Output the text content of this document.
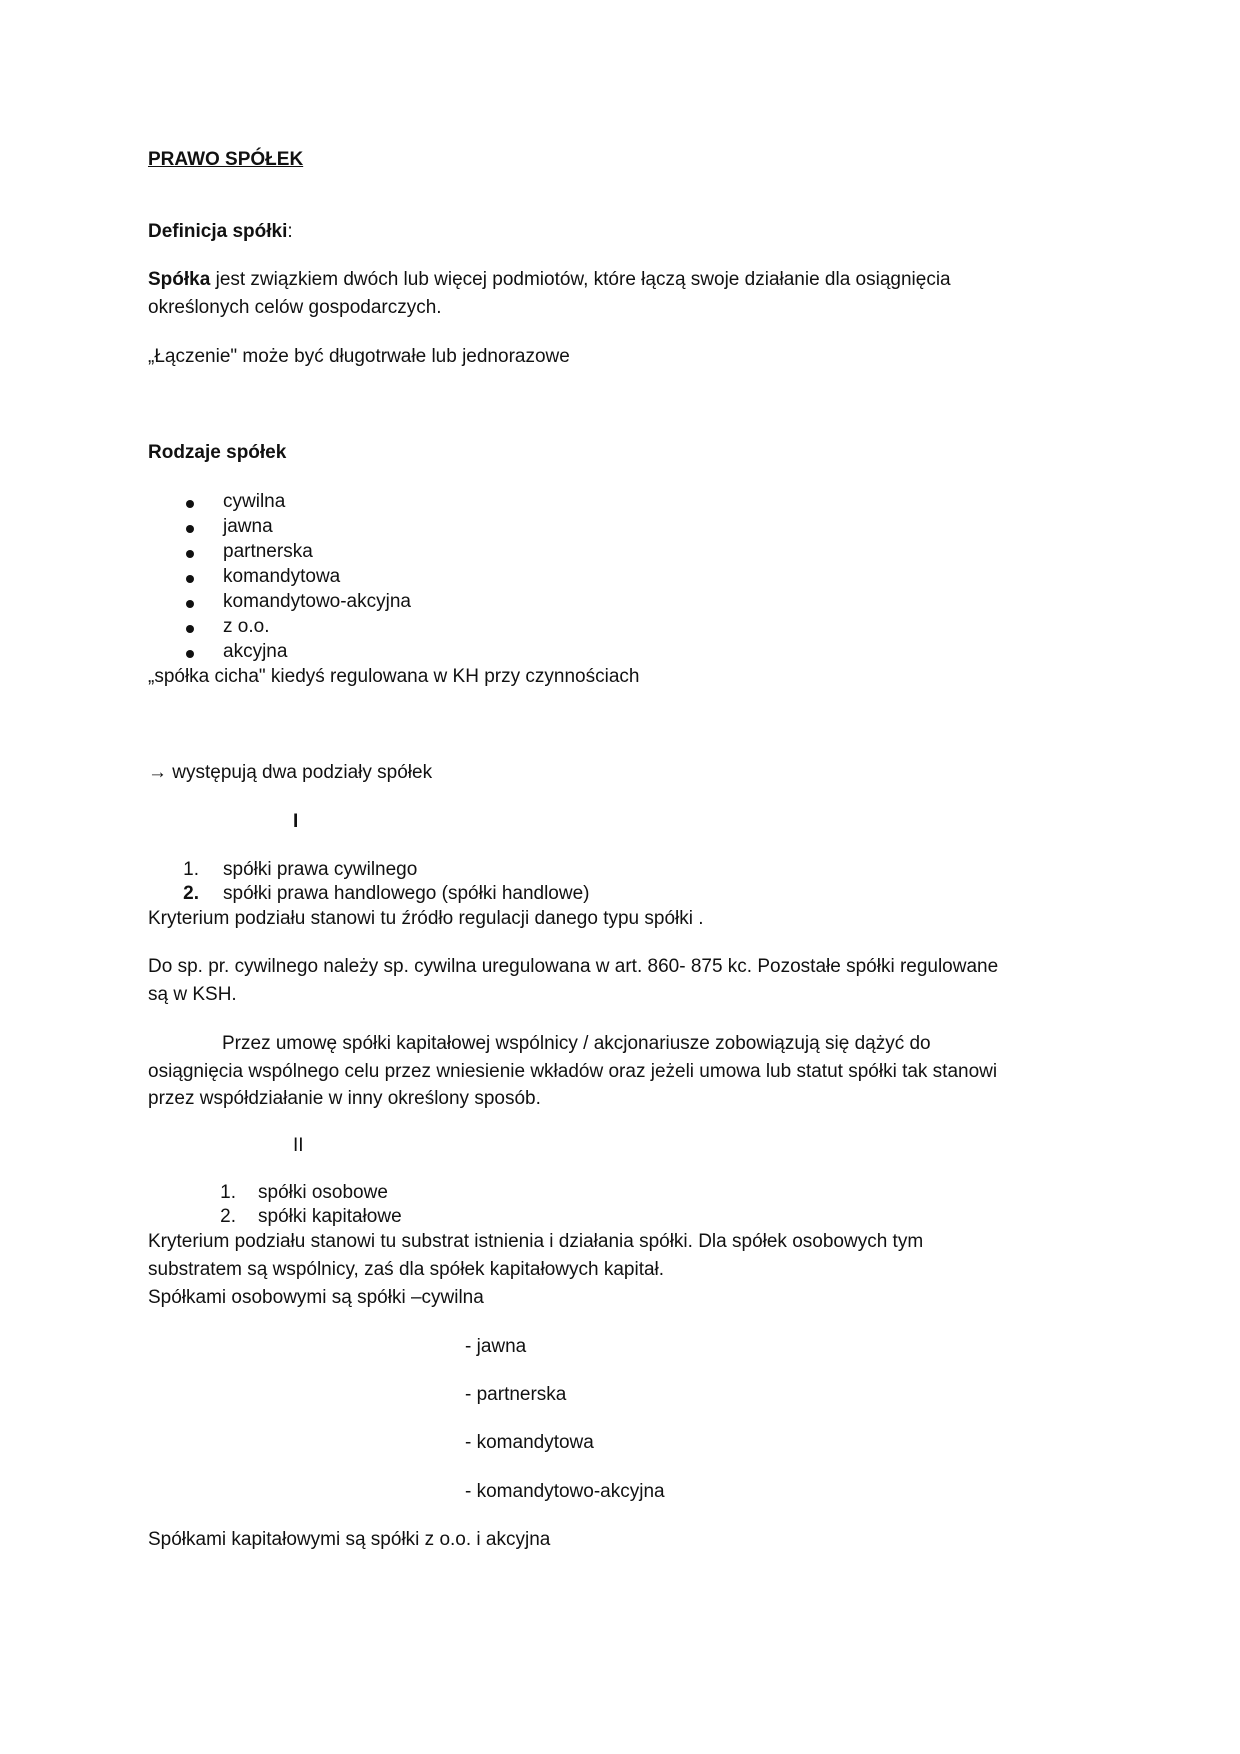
PRAWO SPÓŁEK
Definicja spółki:
Spółka jest związkiem dwóch lub więcej podmiotów, które łączą swoje działanie dla osiągnięcia
określonych celów gospodarczych.
„Łączenie" może być długotrwałe lub jednorazowe
Rodzaje spółek
cywilna
jawna
partnerska
komandytowa
komandytowo-akcyjna
z o.o.
akcyjna
„spółka cicha" kiedyś regulowana w KH przy czynnościach
→ występują dwa podziały spółek
I
1. spółki prawa cywilnego
2. spółki prawa handlowego (spółki handlowe)
Kryterium podziału stanowi tu źródło regulacji danego typu spółki .
Do sp. pr. cywilnego należy sp. cywilna uregulowana w art. 860- 875 kc. Pozostałe spółki regulowane
są w KSH.
Przez umowę spółki kapitałowej wspólnicy / akcjonariusze zobowiązują się dążyć do
osiągnięcia wspólnego celu przez wniesienie wkładów oraz jeżeli umowa lub statut spółki tak stanowi
przez współdziałanie w inny określony sposób.
II
1. spółki osobowe
2. spółki kapitałowe
Kryterium podziału stanowi tu substrat istnienia i działania spółki. Dla spółek osobowych tym
substratem są wspólnicy, zaś dla spółek kapitałowych kapitał.
Spółkami osobowymi są spółki –cywilna
- jawna
- partnerska
- komandytowa
- komandytowo-akcyjna
Spółkami kapitałowymi są spółki z o.o. i akcyjna
